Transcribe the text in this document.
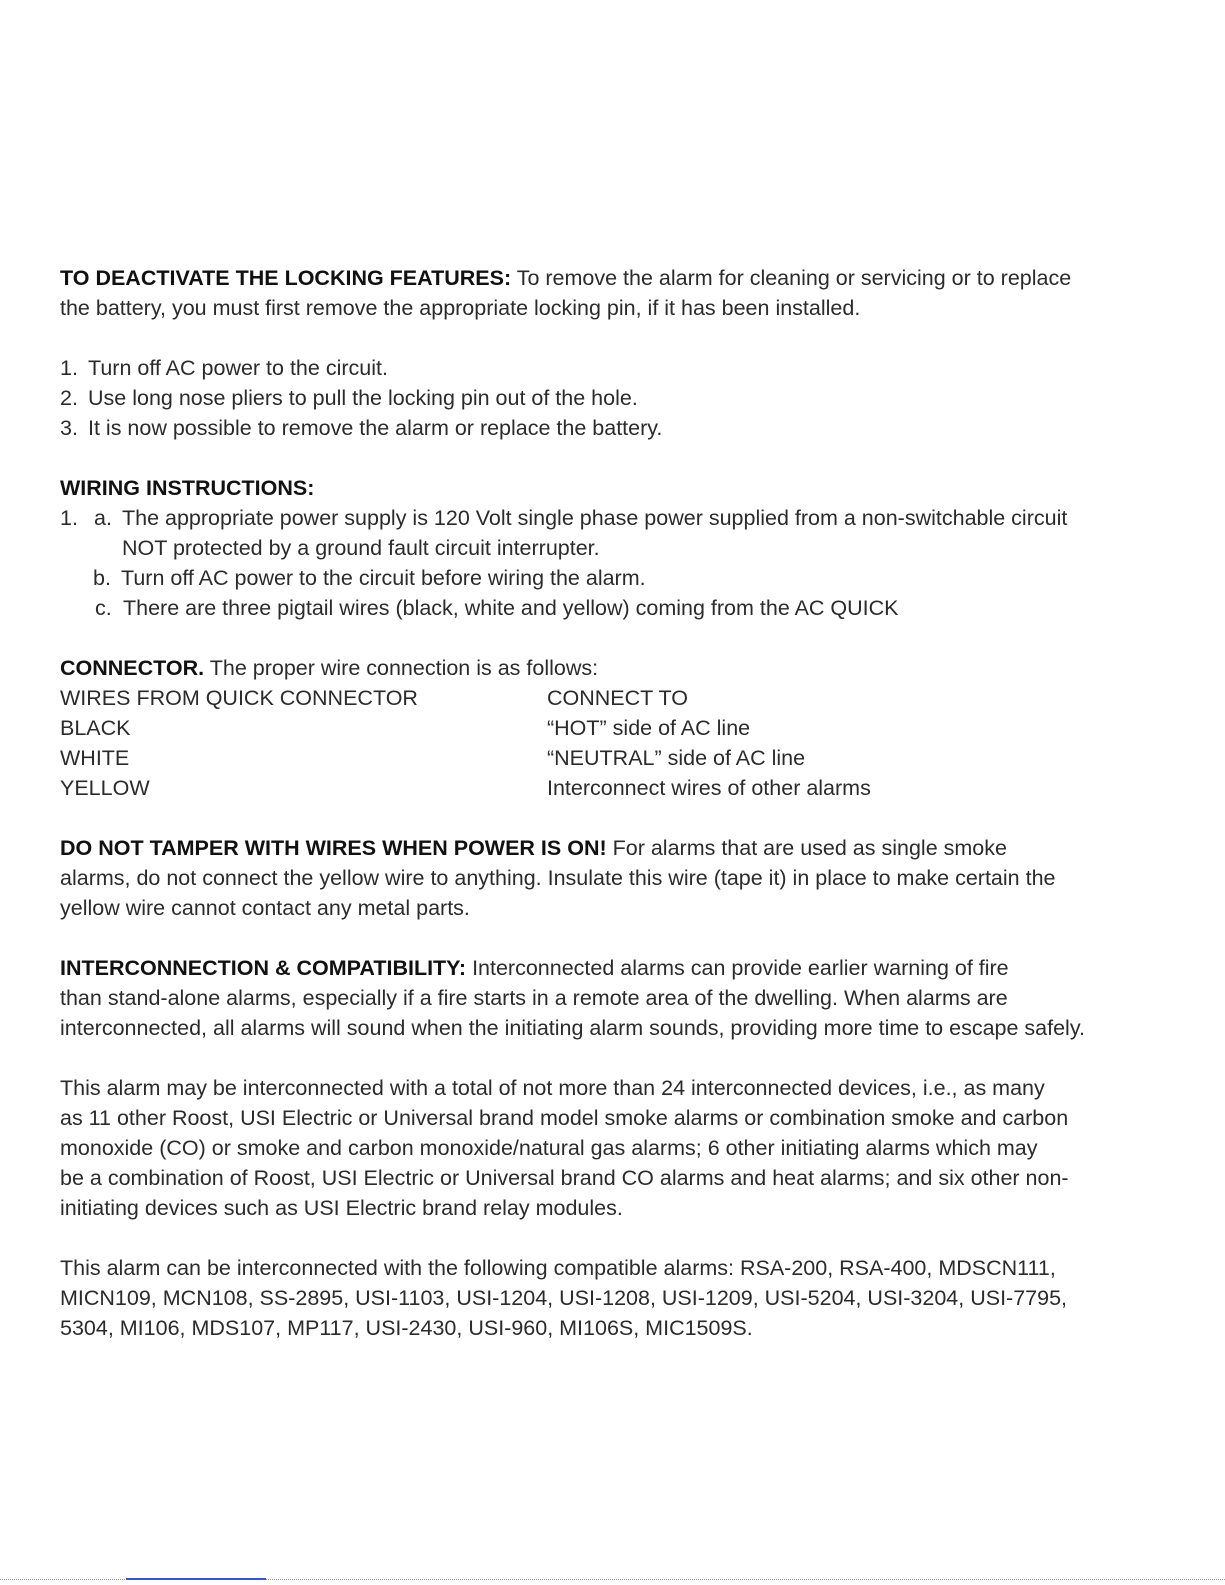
TO DEACTIVATE THE LOCKING FEATURES: To remove the alarm for cleaning or servicing or to replace
the battery, you must first remove the appropriate locking pin, if it has been installed.
1. Turn off AC power to the circuit.
2. Use long nose pliers to pull the locking pin out of the hole.
3. It is now possible to remove the alarm or replace the battery.
WIRING INSTRUCTIONS:
1. a. The appropriate power supply is 120 Volt single phase power supplied from a non-switchable circuit
NOT protected by a ground fault circuit interrupter.
b. Turn off AC power to the circuit before wiring the alarm.
c. There are three pigtail wires (black, white and yellow) coming from the AC QUICK
CONNECTOR. The proper wire connection is as follows:
WIRES FROM QUICK CONNECTOR	CONNECT TO
BLACK	“HOT” side of AC line
WHITE	“NEUTRAL” side of AC line
YELLOW	Interconnect wires of other alarms
DO NOT TAMPER WITH WIRES WHEN POWER IS ON! For alarms that are used as single smoke
alarms, do not connect the yellow wire to anything. Insulate this wire (tape it) in place to make certain the
yellow wire cannot contact any metal parts.
INTERCONNECTION & COMPATIBILITY: Interconnected alarms can provide earlier warning of fire
than stand-alone alarms, especially if a fire starts in a remote area of the dwelling. When alarms are
interconnected, all alarms will sound when the initiating alarm sounds, providing more time to escape safely.
This alarm may be interconnected with a total of not more than 24 interconnected devices, i.e., as many
as 11 other Roost, USI Electric or Universal brand model smoke alarms or combination smoke and carbon
monoxide (CO) or smoke and carbon monoxide/natural gas alarms; 6 other initiating alarms which may
be a combination of Roost, USI Electric or Universal brand CO alarms and heat alarms; and six other non-
initiating devices such as USI Electric brand relay modules.
This alarm can be interconnected with the following compatible alarms: RSA-200, RSA-400, MDSCN111,
MICN109, MCN108, SS-2895, USI-1103, USI-1204, USI-1208, USI-1209, USI-5204, USI-3204, USI-7795,
5304, MI106, MDS107, MP117, USI-2430, USI-960, MI106S, MIC1509S.
